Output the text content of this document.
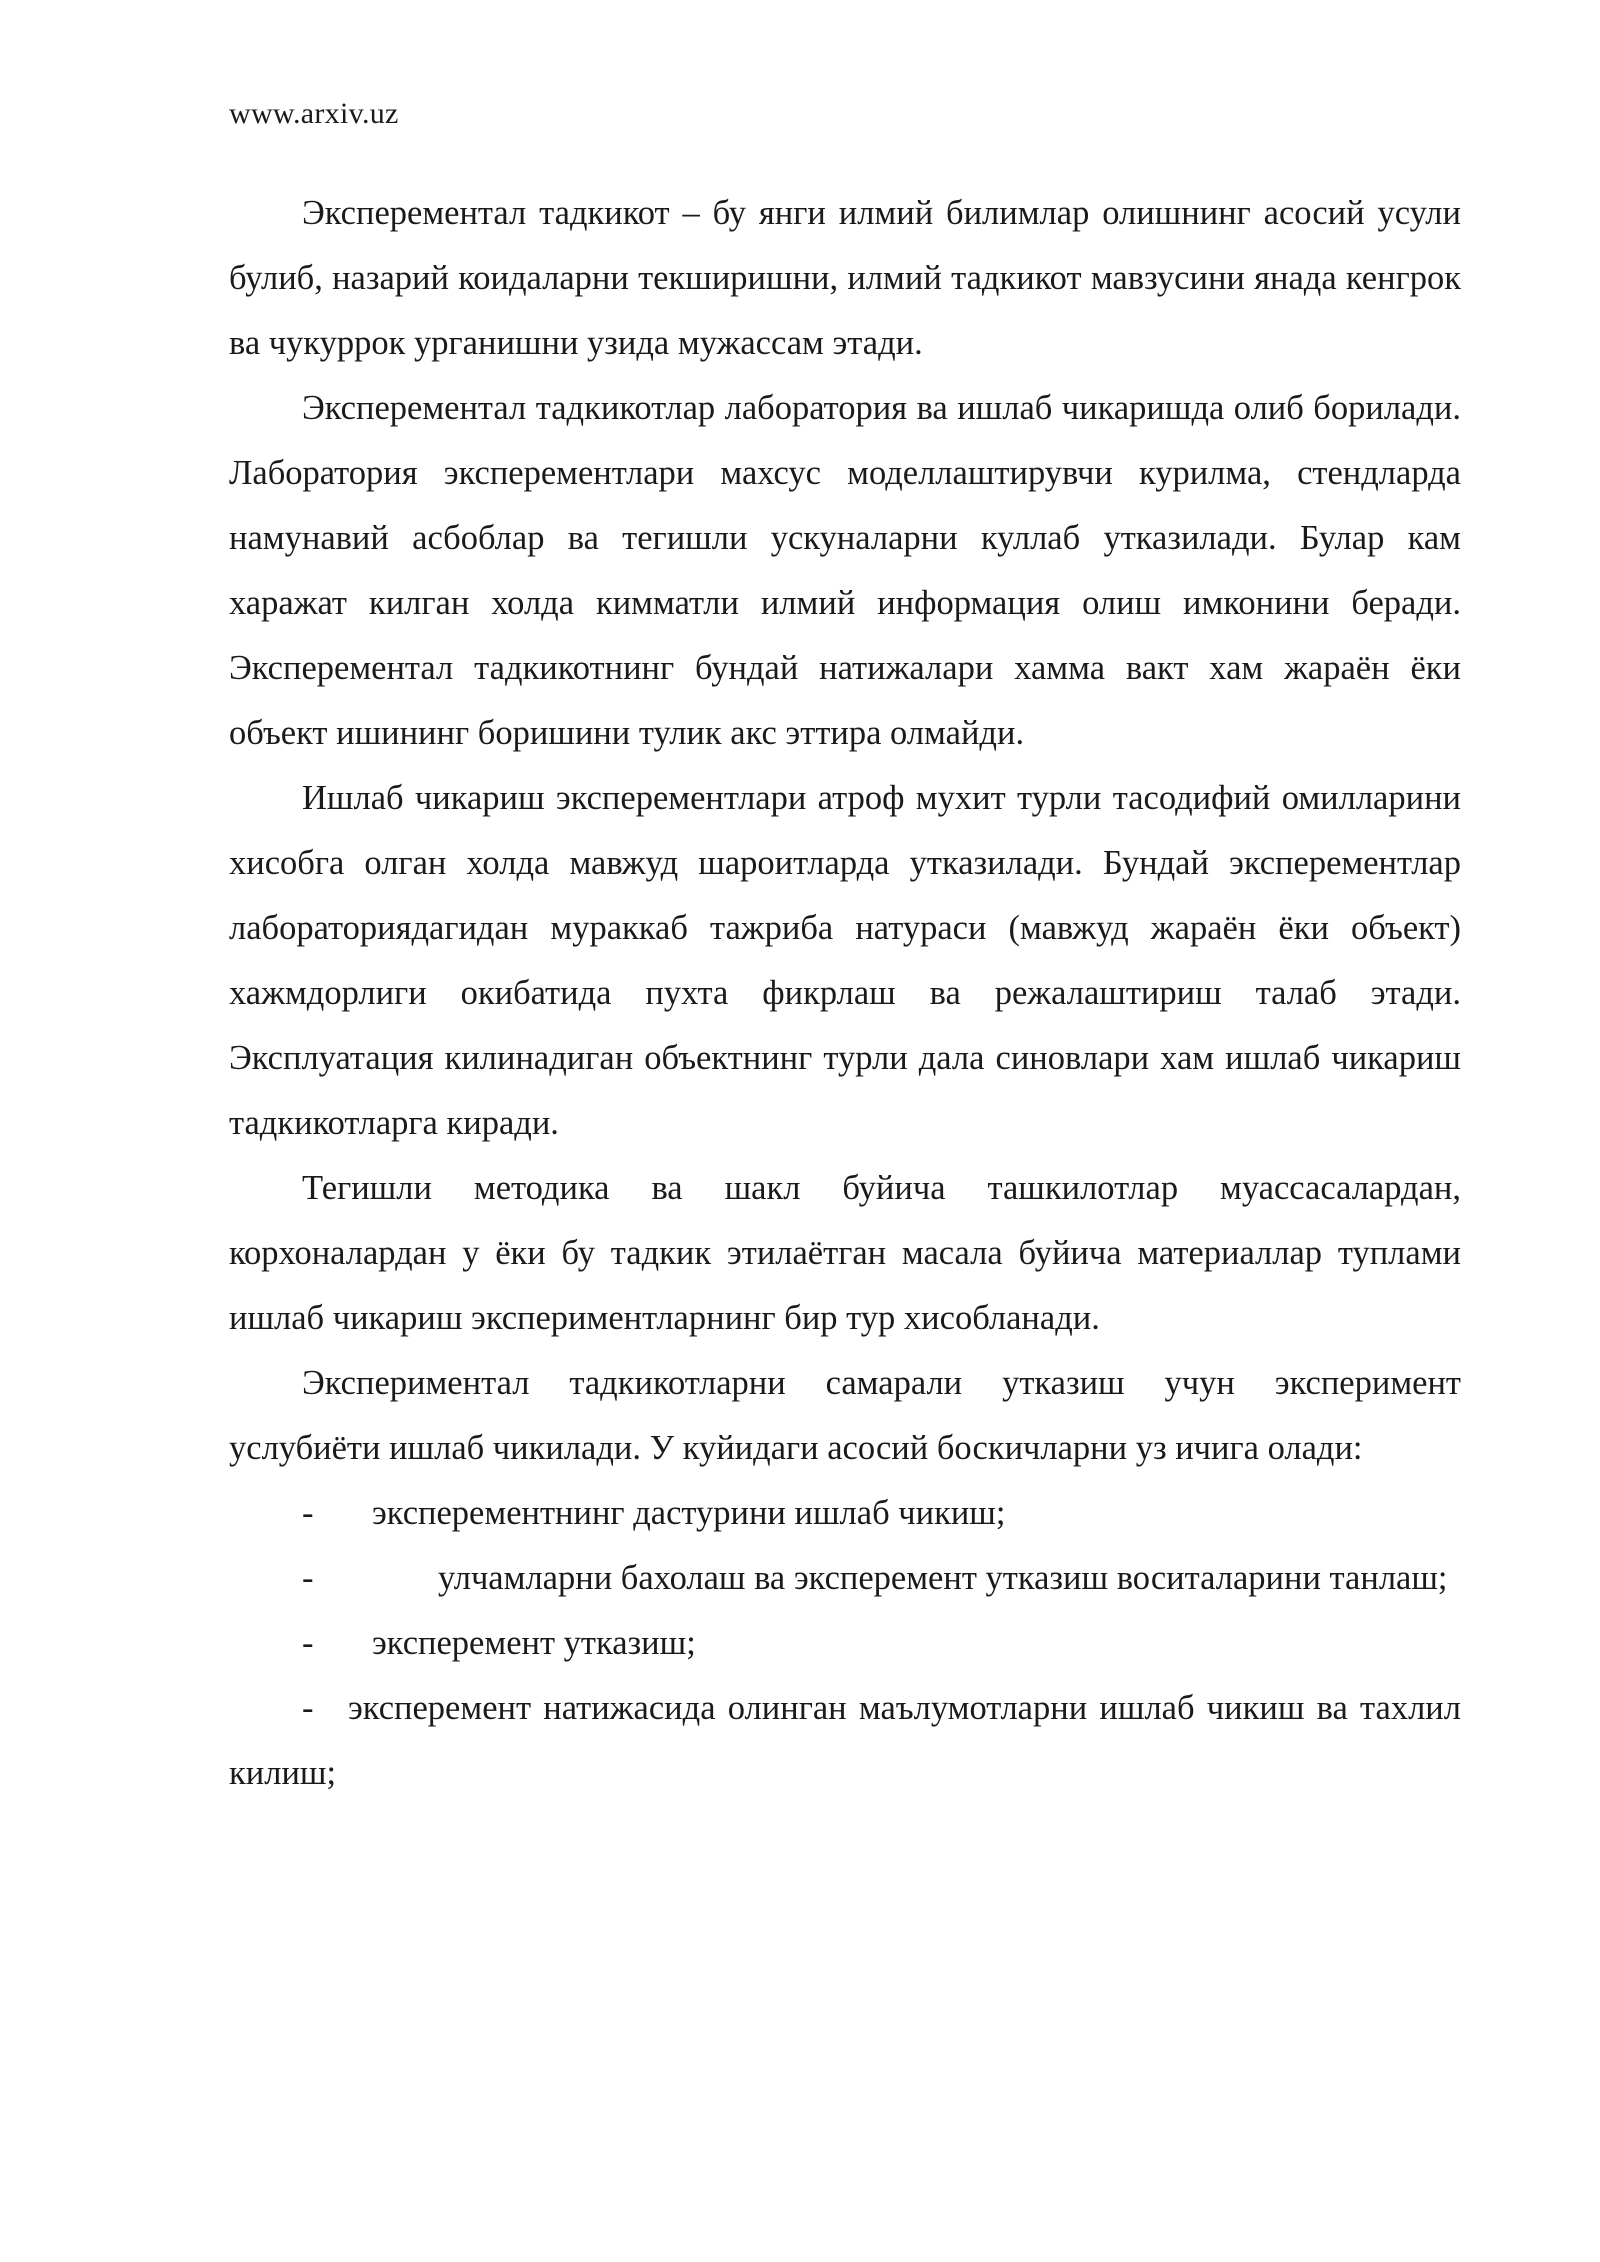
www.arxiv.uz

Эксперементал тадкикот – бу янги илмий билимлар олишнинг асосий усули булиб, назарий коидаларни текширишни, илмий тадкикот мавзусини янада кенгрок ва чукуррок урганишни узида мужассам этади.

Эксперементал тадкикотлар лаборатория ва ишлаб чикаришда олиб борилади. Лаборатория эксперементлари махсус моделлаштирувчи курилма, стендларда намунавий асбоблар ва тегишли ускуналарни куллаб утказилади. Булар кам харажат килган холда кимматли илмий информация олиш имконини беради. Эксперементал тадкикотнинг бундай натижалари хамма вакт хам жараён ёки объект ишининг боришини тулик акс эттира олмайди.

Ишлаб чикариш эксперементлари атроф мухит турли тасодифий омилларини хисобга олган холда мавжуд шароитларда утказилади. Бундай эксперементлар лабораториядагидан мураккаб тажриба натураси (мавжуд жараён ёки объект) хажмдорлиги окибатида пухта фикрлаш ва режалаштириш талаб этади. Эксплуатация килинадиган объектнинг турли дала синовлари хам ишлаб чикариш тадкикотларга киради.

Тегишли методика ва шакл буйича ташкилотлар муассасалардан, корхоналардан у ёки бу тадкик этилаётган масала буйича материаллар туплами ишлаб чикариш экспериментларнинг бир тур хисобланади.

Экспериментал тадкикотларни самарали утказиш учун эксперимент услубиёти ишлаб чикилади. У куйидаги асосий боскичларни уз ичига олади:

- эксперементнинг дастурини ишлаб чикиш;

-	улчамларни бахолаш ва эксперемент утказиш воситаларини танлаш;

- эксперемент утказиш;

- эксперемент натижасида олинган маълумотларни ишлаб чикиш ва тахлил килиш;
